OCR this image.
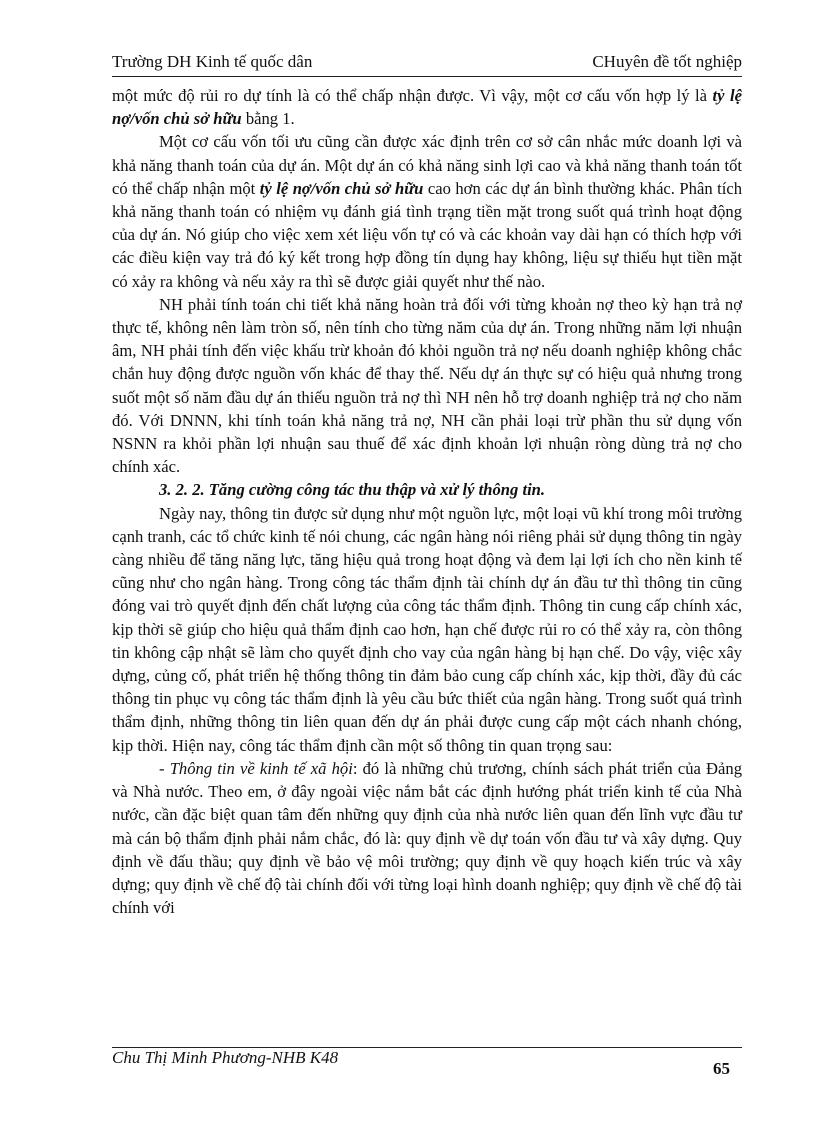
Trường DH Kinh tế quốc dân	CHuyên đề tốt nghiệp

một mức độ rủi ro dự tính là có thể chấp nhận được. Vì vậy, một cơ cấu vốn hợp lý là tỷ lệ nợ/vốn chủ sở hữu bằng 1.

Một cơ cấu vốn tối ưu cũng cần được xác định trên cơ sở cân nhắc mức doanh lợi và khả năng thanh toán của dự án. Một dự án có khả năng sinh lợi cao và khả năng thanh toán tốt có thể chấp nhận một tỷ lệ nợ/vốn chủ sở hữu cao hơn các dự án bình thường khác. Phân tích khả năng thanh toán có nhiệm vụ đánh giá tình trạng tiền mặt trong suốt quá trình hoạt động của dự án. Nó giúp cho việc xem xét liệu vốn tự có và các khoản vay dài hạn có thích hợp với các điều kiện vay trả đó ký kết trong hợp đồng tín dụng hay không, liệu sự thiếu hụt tiền mặt có xảy ra không và nếu xảy ra thì sẽ được giải quyết như thế nào.

NH phải tính toán chi tiết khả năng hoàn trả đối với từng khoản nợ theo kỳ hạn trả nợ thực tế, không nên làm tròn số, nên tính cho từng năm của dự án. Trong những năm lợi nhuận âm, NH phải tính đến việc khấu trừ khoản đó khỏi nguồn trả nợ nếu doanh nghiệp không chắc chắn huy động được nguồn vốn khác để thay thế. Nếu dự án thực sự có hiệu quả nhưng trong suốt một số năm đầu dự án thiếu nguồn trả nợ thì NH nên hỗ trợ doanh nghiệp trả nợ cho năm đó. Với DNNN, khi tính toán khả năng trả nợ, NH cần phải loại trừ phần thu sử dụng vốn NSNN ra khỏi phần lợi nhuận sau thuế để xác định khoản lợi nhuận ròng dùng trả nợ cho chính xác.

3. 2. 2. Tăng cường công tác thu thập và xử lý thông tin.

Ngày nay, thông tin được sử dụng như một nguồn lực, một loại vũ khí trong môi trường cạnh tranh, các tổ chức kinh tế nói chung, các ngân hàng nói riêng phải sử dụng thông tin ngày càng nhiều để tăng năng lực, tăng hiệu quả trong hoạt động và đem lại lợi ích cho nền kinh tế cũng như cho ngân hàng. Trong công tác thẩm định tài chính dự án đầu tư thì thông tin cũng đóng vai trò quyết định đến chất lượng của công tác thẩm định. Thông tin cung cấp chính xác, kịp thời sẽ giúp cho hiệu quả thẩm định cao hơn, hạn chế được rủi ro có thể xảy ra, còn thông tin không cập nhật sẽ làm cho quyết định cho vay của ngân hàng bị hạn chế. Do vậy, việc xây dựng, củng cố, phát triển hệ thống thông tin đảm bảo cung cấp chính xác, kịp thời, đầy đủ các thông tin phục vụ công tác thẩm định là yêu cầu bức thiết của ngân hàng. Trong suốt quá trình thẩm định, những thông tin liên quan đến dự án phải được cung cấp một cách nhanh chóng, kịp thời. Hiện nay, công tác thẩm định cần một số thông tin quan trọng sau:

- Thông tin về kinh tế xã hội: đó là những chủ trương, chính sách phát triển của Đảng và Nhà nước. Theo em, ở đây ngoài việc nắm bắt các định hướng phát triển kinh tế của Nhà nước, cần đặc biệt quan tâm đến những quy định của nhà nước liên quan đến lĩnh vực đầu tư mà cán bộ thẩm định phải nắm chắc, đó là: quy định về dự toán vốn đầu tư và xây dựng. Quy định về đấu thầu; quy định về bảo vệ môi trường; quy định về quy hoạch kiến trúc và xây dựng; quy định về chế độ tài chính đối với từng loại hình doanh nghiệp; quy định về chế độ tài chính với

Chu Thị Minh Phương-NHB K48
65
